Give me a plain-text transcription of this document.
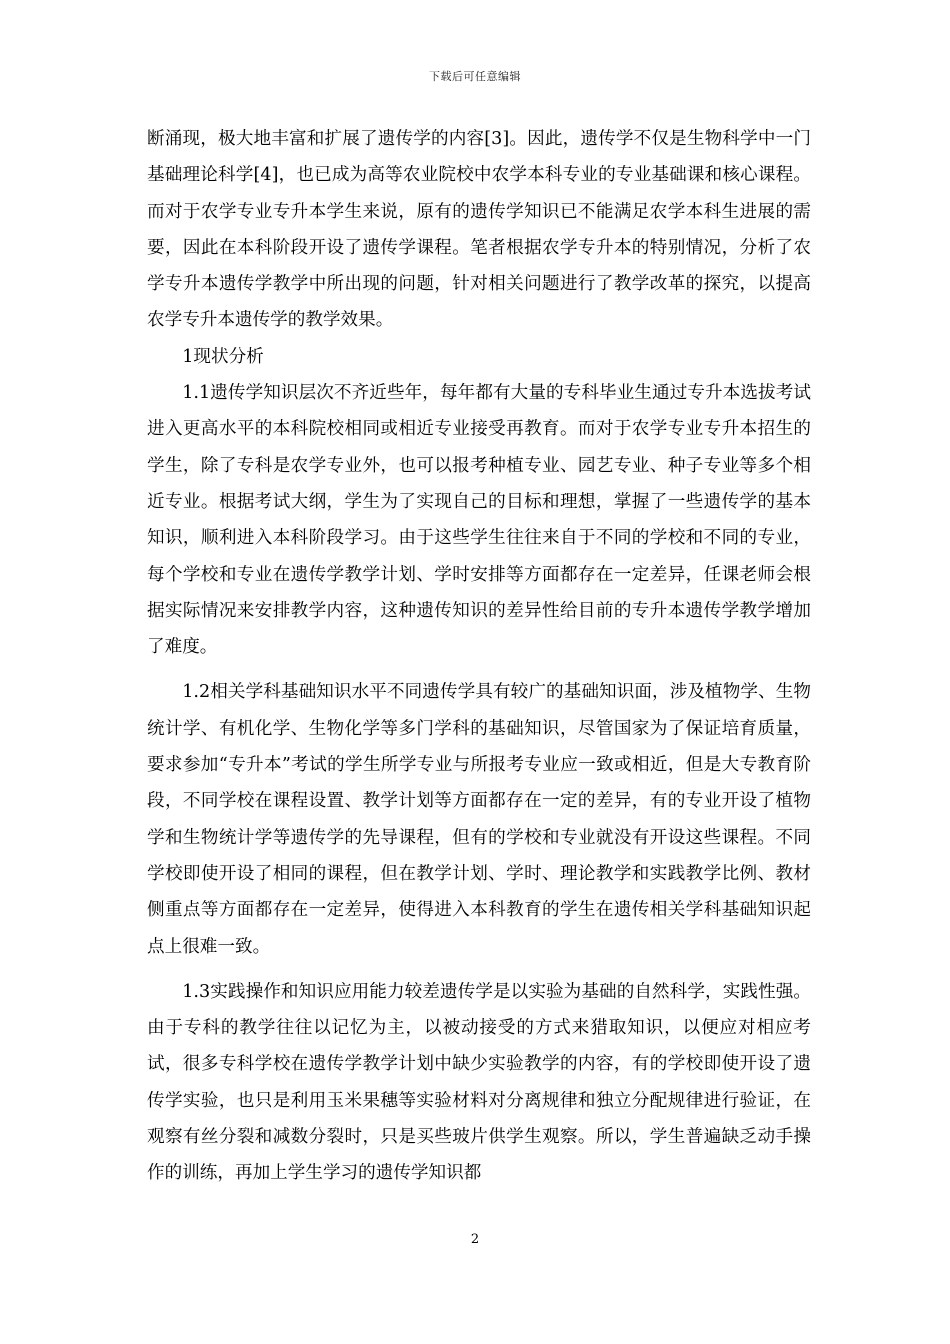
下载后可任意编辑

断涌现，极大地丰富和扩展了遗传学的内容[3]。因此，遗传学不仅是生物科学中一门基础理论科学[4]，也已成为高等农业院校中农学本科专业的专业基础课和核心课程。而对于农学专业专升本学生来说，原有的遗传学知识已不能满足农学本科生进展的需要，因此在本科阶段开设了遗传学课程。笔者根据农学专升本的特别情况，分析了农学专升本遗传学教学中所出现的问题，针对相关问题进行了教学改革的探究，以提高农学专升本遗传学的教学效果。

1现状分析

1.1遗传学知识层次不齐近些年，每年都有大量的专科毕业生通过专升本选拔考试进入更高水平的本科院校相同或相近专业接受再教育。而对于农学专业专升本招生的学生，除了专科是农学专业外，也可以报考种植专业、园艺专业、种子专业等多个相近专业。根据考试大纲，学生为了实现自己的目标和理想，掌握了一些遗传学的基本知识，顺利进入本科阶段学习。由于这些学生往往来自于不同的学校和不同的专业，每个学校和专业在遗传学教学计划、学时安排等方面都存在一定差异，任课老师会根据实际情况来安排教学内容，这种遗传知识的差异性给目前的专升本遗传学教学增加了难度。

1.2相关学科基础知识水平不同遗传学具有较广的基础知识面，涉及植物学、生物统计学、有机化学、生物化学等多门学科的基础知识，尽管国家为了保证培育质量，要求参加“专升本”考试的学生所学专业与所报考专业应一致或相近，但是大专教育阶段，不同学校在课程设置、教学计划等方面都存在一定的差异，有的专业开设了植物学和生物统计学等遗传学的先导课程，但有的学校和专业就没有开设这些课程。不同学校即使开设了相同的课程，但在教学计划、学时、理论教学和实践教学比例、教材侧重点等方面都存在一定差异，使得进入本科教育的学生在遗传相关学科基础知识起点上很难一致。

1.3实践操作和知识应用能力较差遗传学是以实验为基础的自然科学，实践性强。由于专科的教学往往以记忆为主，以被动接受的方式来猎取知识，以便应对相应考试，很多专科学校在遗传学教学计划中缺少实验教学的内容，有的学校即使开设了遗传学实验，也只是利用玉米果穗等实验材料对分离规律和独立分配规律进行验证，在观察有丝分裂和减数分裂时，只是买些玻片供学生观察。所以，学生普遍缺乏动手操作的训练，再加上学生学习的遗传学知识都

2
